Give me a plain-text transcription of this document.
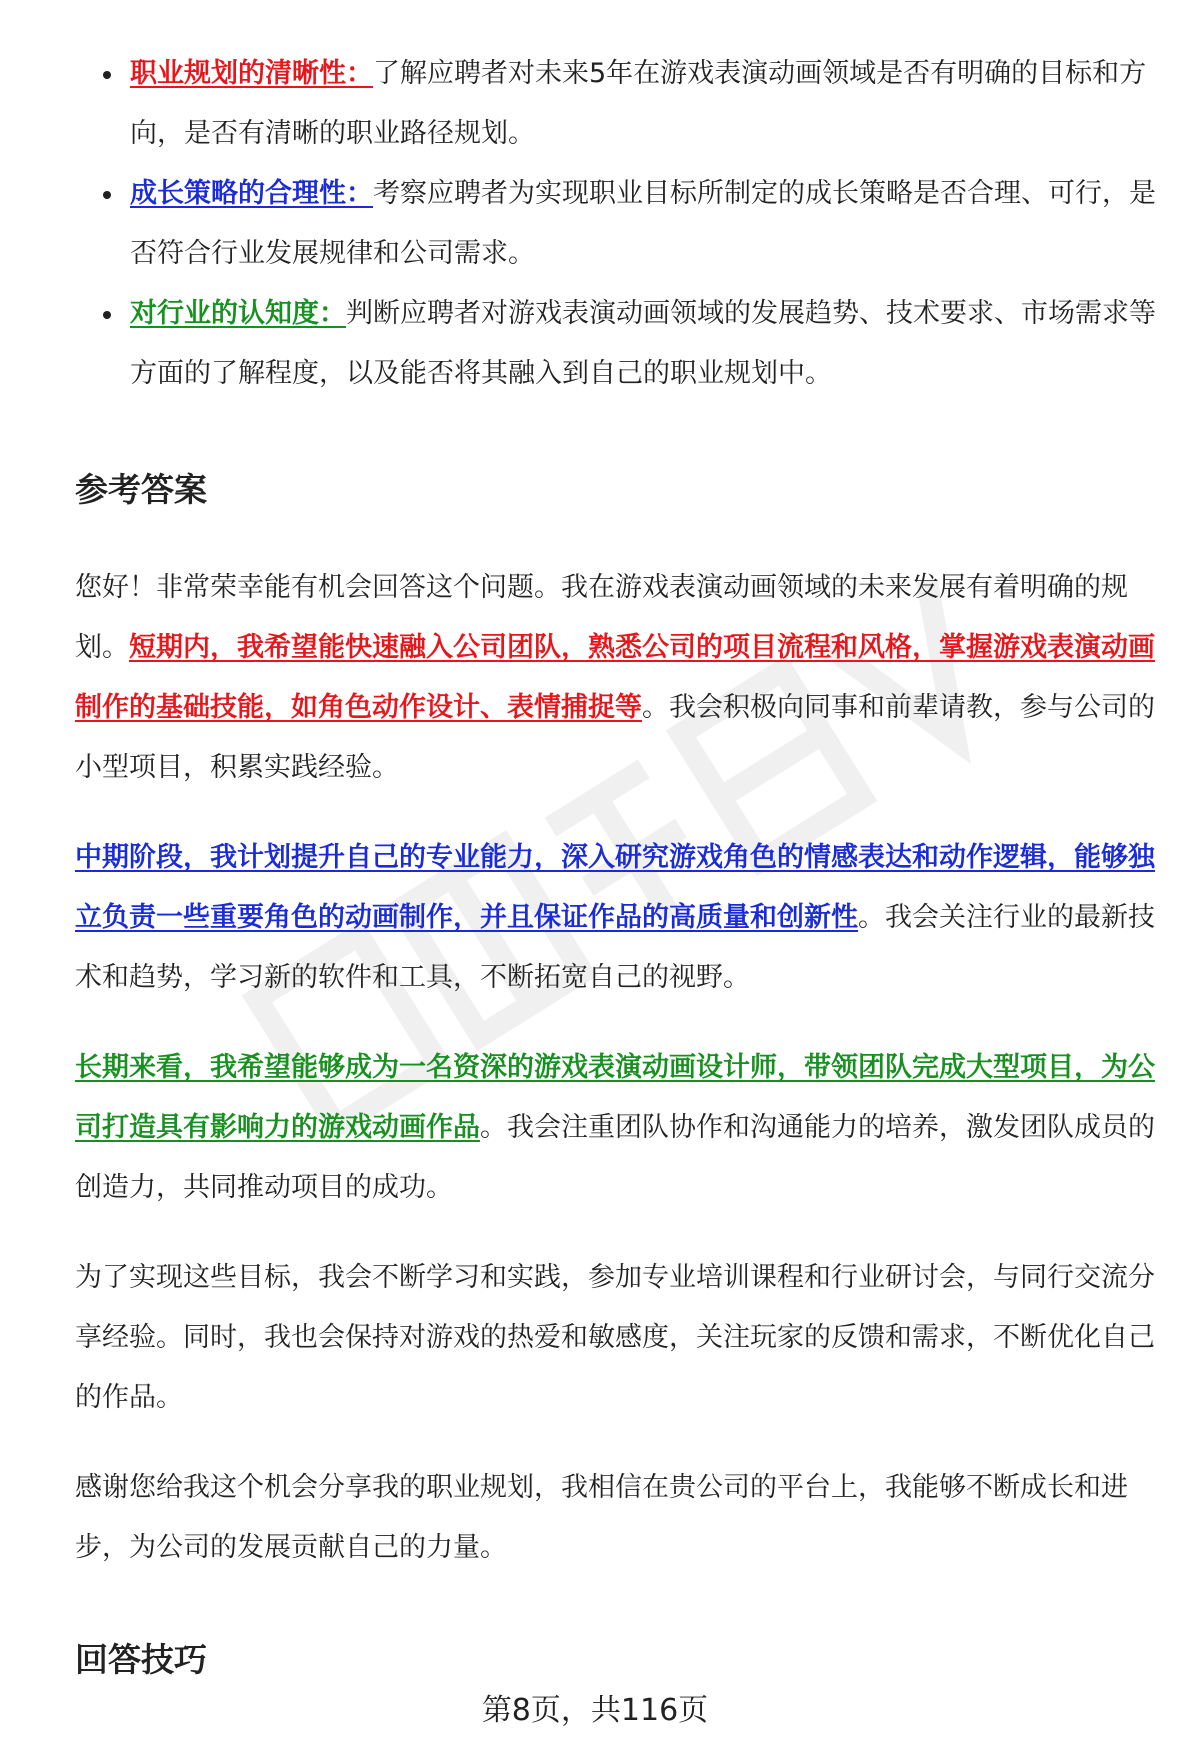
职业规划的清晰性：了解应聘者对未来5年在游戏表演动画领域是否有明确的目标和方向，是否有清晰的职业路径规划。
成长策略的合理性：考察应聘者为实现职业目标所制定的成长策略是否合理、可行，是否符合行业发展规律和公司需求。
对行业的认知度：判断应聘者对游戏表演动画领域的发展趋势、技术要求、市场需求等方面的了解程度，以及能否将其融入到自己的职业规划中。
参考答案

您好！非常荣幸能有机会回答这个问题。我在游戏表演动画领域的未来发展有着明确的规划。短期内，我希望能快速融入公司团队，熟悉公司的项目流程和风格，掌握游戏表演动画制作的基础技能，如角色动作设计、表情捕捉等。我会积极向同事和前辈请教，参与公司的小型项目，积累实践经验。

中期阶段，我计划提升自己的专业能力，深入研究游戏角色的情感表达和动作逻辑，能够独立负责一些重要角色的动画制作，并且保证作品的高质量和创新性。我会关注行业的最新技术和趋势，学习新的软件和工具，不断拓宽自己的视野。

长期来看，我希望能够成为一名资深的游戏表演动画设计师，带领团队完成大型项目，为公司打造具有影响力的游戏动画作品。我会注重团队协作和沟通能力的培养，激发团队成员的创造力，共同推动项目的成功。

为了实现这些目标，我会不断学习和实践，参加专业培训课程和行业研讨会，与同行交流分享经验。同时，我也会保持对游戏的热爱和敏感度，关注玩家的反馈和需求，不断优化自己的作品。

感谢您给我这个机会分享我的职业规划，我相信在贵公司的平台上，我能够不断成长和进步，为公司的发展贡献自己的力量。

回答技巧
第8页，共116页
